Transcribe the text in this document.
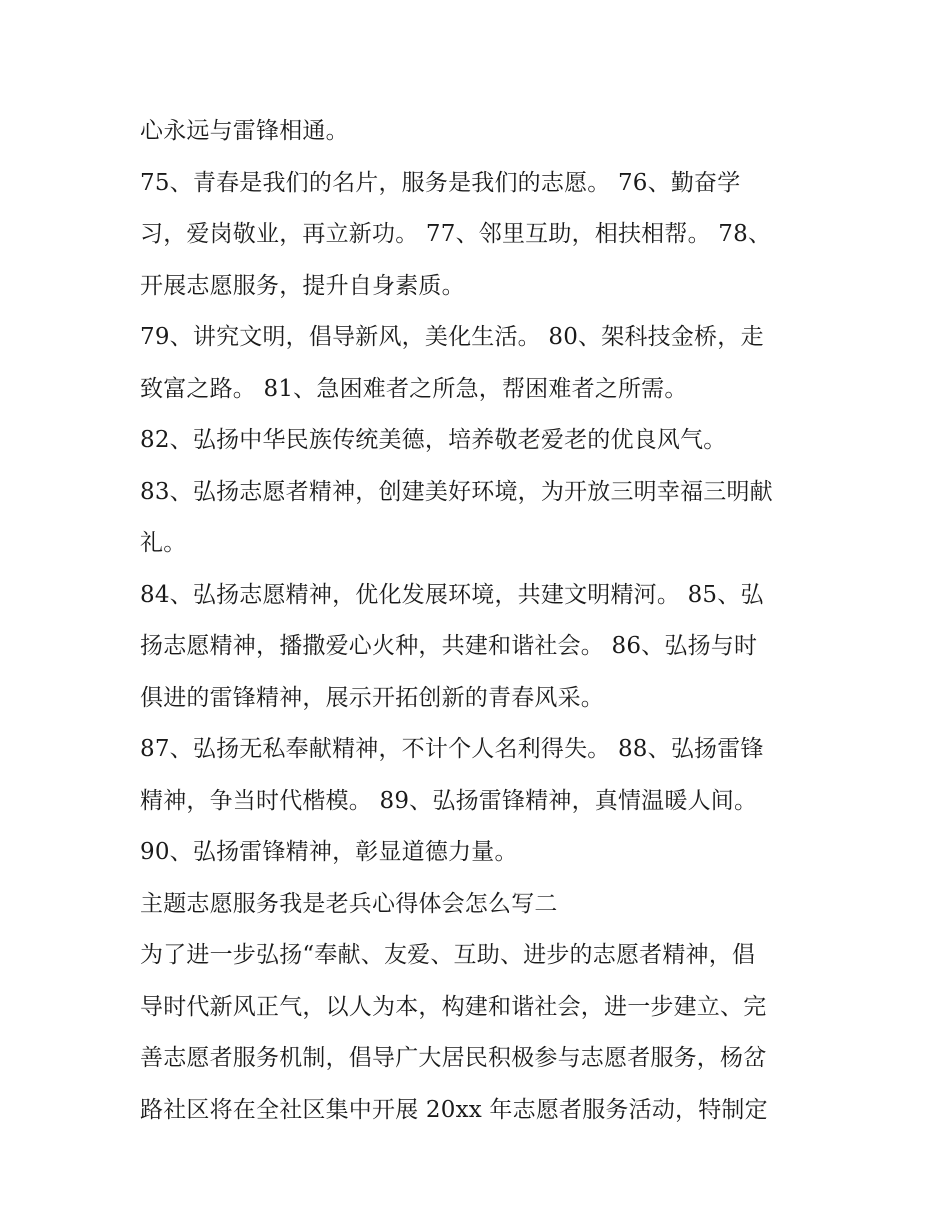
心永远与雷锋相通。
75、青春是我们的名片，服务是我们的志愿。 76、勤奋学
习，爱岗敬业，再立新功。 77、邻里互助，相扶相帮。 78、
开展志愿服务，提升自身素质。
79、讲究文明，倡导新风，美化生活。 80、架科技金桥，走
致富之路。 81、急困难者之所急，帮困难者之所需。
82、弘扬中华民族传统美德，培养敬老爱老的优良风气。
83、弘扬志愿者精神，创建美好环境，为开放三明幸福三明献
礼。
84、弘扬志愿精神，优化发展环境，共建文明精河。 85、弘
扬志愿精神，播撒爱心火种，共建和谐社会。 86、弘扬与时
俱进的雷锋精神，展示开拓创新的青春风采。
87、弘扬无私奉献精神，不计个人名利得失。 88、弘扬雷锋
精神，争当时代楷模。 89、弘扬雷锋精神，真情温暖人间。
90、弘扬雷锋精神，彰显道德力量。
主题志愿服务我是老兵心得体会怎么写二
为了进一步弘扬“奉献、友爱、互助、进步的志愿者精神，倡
导时代新风正气，以人为本，构建和谐社会，进一步建立、完
善志愿者服务机制，倡导广大居民积极参与志愿者服务，杨岔
路社区将在全社区集中开展 20xx 年志愿者服务活动，特制定
